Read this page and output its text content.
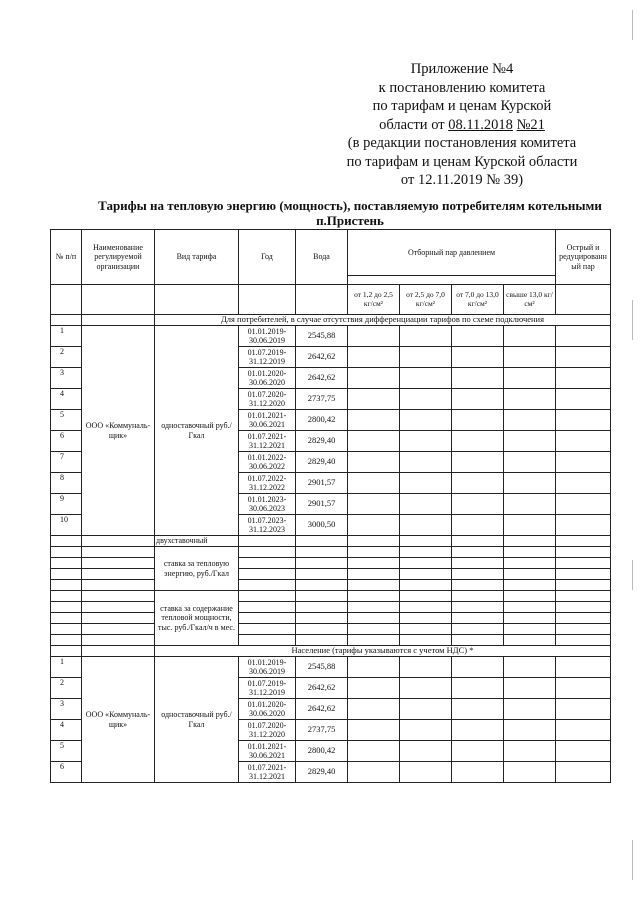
Приложение №4
к постановлению комитета
по тарифам и ценам Курской
области от 08.11.2018 №21
(в редакции постановления комитета
по тарифам и ценам Курской области
от 12.11.2019 № 39)
Тарифы на тепловую энергию (мощность), поставляемую потребителям котельными п.Пристень
№ п/п	Наименование регулируемой организации	Вид тарифа	Год	Вода	Отборный пар давлением				Острый и редуцированный пар

					от 1,2 до 2,5 кг/см²	от 2,5 до 7,0 кг/см²	от 7,0 до 13,0 кг/см²	свыше 13,0 кг/см²	
		Для потребителей, в случае отсутствия дифференциации тарифов по схеме подключения							
1	ООО «Коммуналь-щик»	одноставочный руб./Гкал	01.01.2019-30.06.2019	2545,88					
2			01.07.2019-31.12.2019	2642,62					
3			01.01.2020-30.06.2020	2642,62					
4			01.07.2020-31.12.2020	2737,75					
5			01.01.2021-30.06.2021	2800,42					
6			01.07.2021-31.12.2021	2829,40					
7			01.01.2022-30.06.2022	2829,40					
8			01.07.2022-31.12.2022	2901,57					
9			01.01.2023-30.06.2023	2901,57					
10			01.07.2023-31.12.2023	3000,50					
		двухставочный							
		ставка за тепловую энергию, руб./Гкал							

		ставка за содержание тепловой мощности, тыс. руб./Гкал/ч в мес.							

		Население (тарифы указываются с учетом НДС) *							
1	ООО «Коммуналь-щик»	одноставочный руб./Гкал	01.01.2019-30.06.2019	2545,88					
2			01.07.2019-31.12.2019	2642,62					
3			01.01.2020-30.06.2020	2642,62					
4			01.07.2020-31.12.2020	2737,75					
5			01.01.2021-30.06.2021	2800,42					
6			01.07.2021-31.12.2021	2829,40					
